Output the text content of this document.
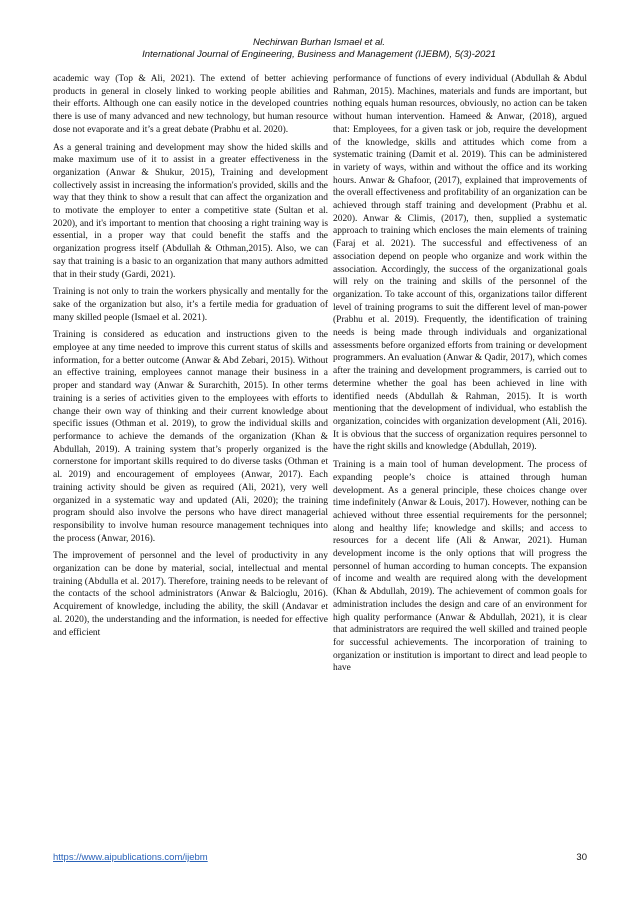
Nechirwan Burhan Ismael et al.
International Journal of Engineering, Business and Management (IJEBM), 5(3)-2021

academic way (Top & Ali, 2021). The extend of better achieving products in general in closely linked to working people abilities and their efforts. Although one can easily notice in the developed countries there is use of many advanced and new technology, but human resource dose not evaporate and it’s a great debate (Prabhu et al. 2020).

As a general training and development may show the hided skills and make maximum use of it to assist in a greater effectiveness in the organization (Anwar & Shukur, 2015), Training and development collectively assist in increasing the information's provided, skills and the way that they think to show a result that can affect the organization and to motivate the employer to enter a competitive state (Sultan et al. 2020), and it's important to mention that choosing a right training way is essential, in a proper way that could benefit the staffs and the organization progress itself (Abdullah & Othman,2015). Also, we can say that training is a basic to an organization that many authors admitted that in their study (Gardi, 2021).

Training is not only to train the workers physically and mentally for the sake of the organization but also, it’s a fertile media for graduation of many skilled people (Ismael et al. 2021).

Training is considered as education and instructions given to the employee at any time needed to improve this current status of skills and information, for a better outcome (Anwar & Abd Zebari, 2015). Without an effective training, employees cannot manage their business in a proper and standard way (Anwar & Surarchith, 2015). In other terms training is a series of activities given to the employees with efforts to change their own way of thinking and their current knowledge about specific issues (Othman et al. 2019), to grow the individual skills and performance to achieve the demands of the organization (Khan & Abdullah, 2019). A training system that’s properly organized is the cornerstone for important skills required to do diverse tasks (Othman et al. 2019) and encouragement of employees (Anwar, 2017). Each training activity should be given as required (Ali, 2021), very well organized in a systematic way and updated (Ali, 2020); the training program should also involve the persons who have direct managerial responsibility to involve human resource management techniques into the process (Anwar, 2016).

The improvement of personnel and the level of productivity in any organization can be done by material, social, intellectual and mental training (Abdulla et al. 2017). Therefore, training needs to be relevant of the contacts of the school administrators (Anwar & Balcioglu, 2016). Acquirement of knowledge, including the ability, the skill (Andavar et al. 2020), the understanding and the information, is needed for effective and efficient

performance of functions of every individual (Abdullah & Abdul Rahman, 2015). Machines, materials and funds are important, but nothing equals human resources, obviously, no action can be taken without human intervention. Hameed & Anwar, (2018), argued that: Employees, for a given task or job, require the development of the knowledge, skills and attitudes which come from a systematic training (Damit et al. 2019). This can be administered in variety of ways, within and without the office and its working hours. Anwar & Ghafoor, (2017), explained that improvements of the overall effectiveness and profitability of an organization can be achieved through staff training and development (Prabhu et al. 2020). Anwar & Climis, (2017), then, supplied a systematic approach to training which encloses the main elements of training (Faraj et al. 2021). The successful and effectiveness of an association depend on people who organize and work within the association. Accordingly, the success of the organizational goals will rely on the training and skills of the personnel of the organization. To take account of this, organizations tailor different level of training programs to suit the different level of man-power (Prabhu et al. 2019). Frequently, the identification of training needs is being made through individuals and organizational assessments before organized efforts from training or development programmers. An evaluation (Anwar & Qadir, 2017), which comes after the training and development programmers, is carried out to determine whether the goal has been achieved in line with identified needs (Abdullah & Rahman, 2015). It is worth mentioning that the development of individual, who establish the organization, coincides with organization development (Ali, 2016). It is obvious that the success of organization requires personnel to have the right skills and knowledge (Abdullah, 2019).

Training is a main tool of human development. The process of expanding people’s choice is attained through human development. As a general principle, these choices change over time indefinitely (Anwar & Louis, 2017). However, nothing can be achieved without three essential requirements for the personnel; along and healthy life; knowledge and skills; and access to resources for a decent life (Ali & Anwar, 2021). Human development income is the only options that will progress the personnel of human according to human concepts. The expansion of income and wealth are required along with the development (Khan & Abdullah, 2019). The achievement of common goals for administration includes the design and care of an environment for high quality performance (Anwar & Abdullah, 2021), it is clear that administrators are required the well skilled and trained people for successful achievements. The incorporation of training to organization or institution is important to direct and lead people to have

https://www.aipublications.com/ijebm	30
